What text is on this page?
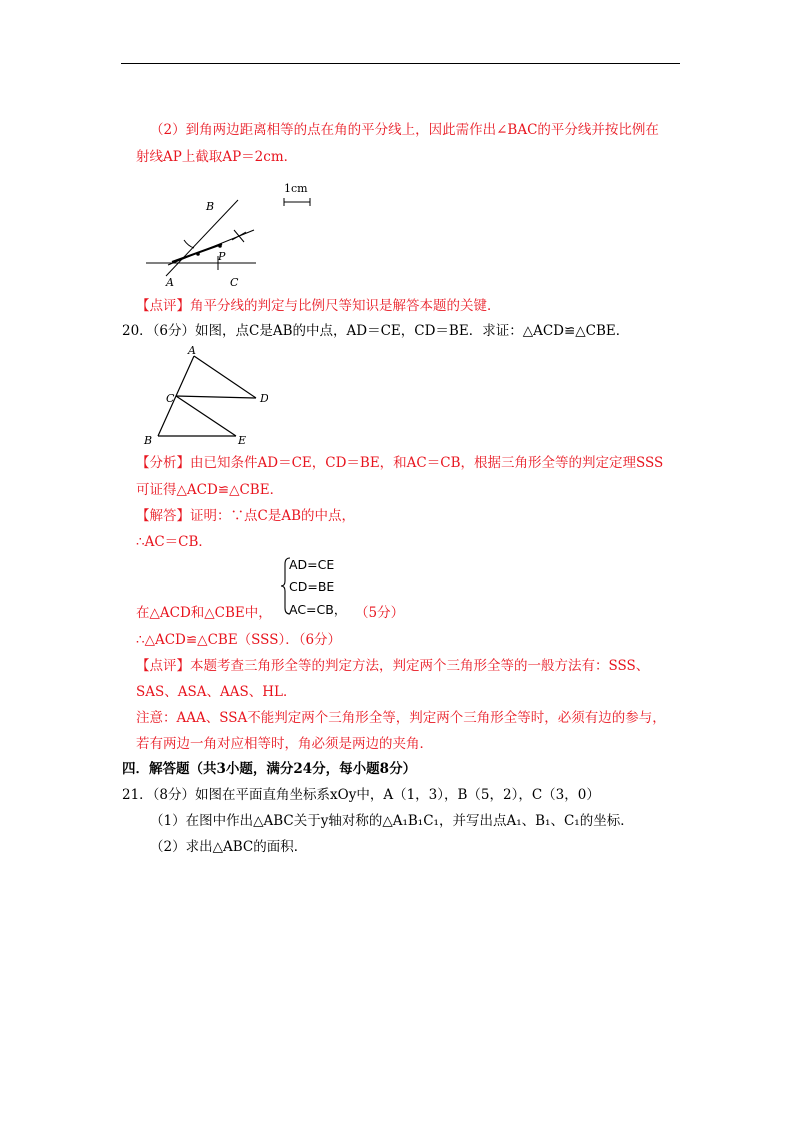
（2）到角两边距离相等的点在角的平分线上，因此需作出∠BAC的平分线并按比例在
射线AP上截取AP＝2cm．
1cm
B
P
A	C
【点评】角平分线的判定与比例尺等知识是解答本题的关键．
20．（6分）如图，点C是AB的中点，AD＝CE，CD＝BE．求证：△ACD≌△CBE．
A
C	D
B	E
【分析】由已知条件AD＝CE，CD＝BE，和AC＝CB，根据三角形全等的判定定理SSS
可证得△ACD≌△CBE．
【解答】证明：∵点C是AB的中点，
∴AC＝CB．
AD=CE
CD=BE
AC=CB，
在△ACD和△CBE中，	（5分）
∴△ACD≌△CBE（SSS）．（6分）
【点评】本题考查三角形全等的判定方法，判定两个三角形全等的一般方法有：SSS、
SAS、ASA、AAS、HL．
注意：AAA、SSA不能判定两个三角形全等，判定两个三角形全等时，必须有边的参与，
若有两边一角对应相等时，角必须是两边的夹角．
四．解答题（共3小题，满分24分，每小题8分）
21．（8分）如图在平面直角坐标系xOy中，A（1，3），B（5，2），C（3，0）
（1）在图中作出△ABC关于y轴对称的△A₁B₁C₁，并写出点A₁、B₁、C₁的坐标．
（2）求出△ABC的面积．
